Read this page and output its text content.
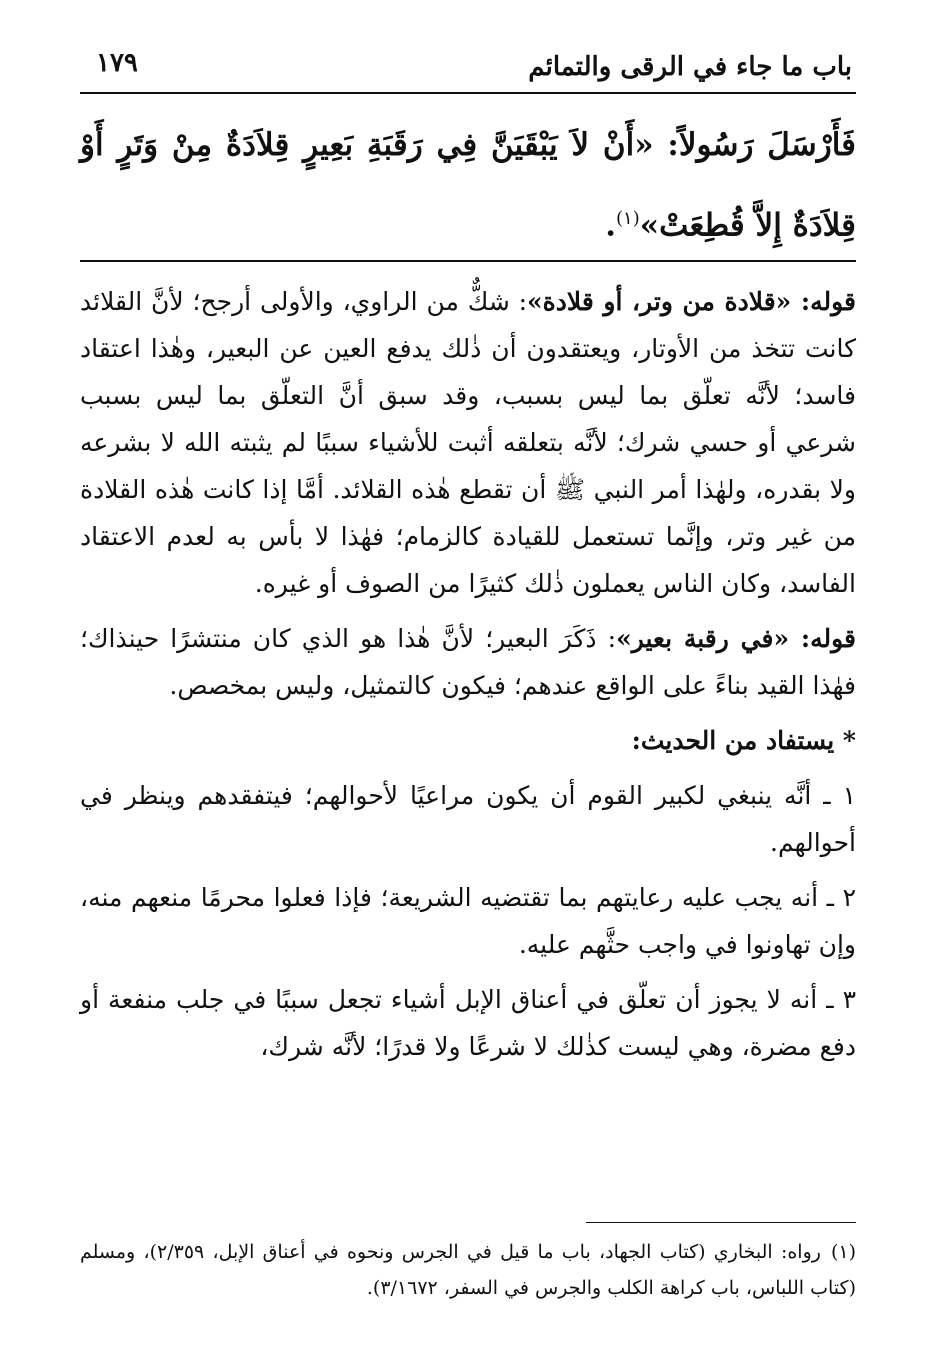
باب ما جاء في الرقى والتمائم
١٧٩
فَأَرْسَلَ رَسُولاً: «أَنْ لاَ يَبْقَيَنَّ فِي رَقَبَةِ بَعِيرٍ قِلاَدَةٌ مِنْ وَتَرٍ أَوْ قِلاَدَةٌ إِلاَّ قُطِعَتْ»$^{(١)}$.

قوله: «قلادة من وتر، أو قلادة»: شكٌّ من الراوي، والأولى أرجح؛ لأنَّ القلائد كانت تتخذ من الأوتار، ويعتقدون أن ذٰلك يدفع العين عن البعير، وهٰذا اعتقاد فاسد؛ لأنَّه تعلّق بما ليس بسبب، وقد سبق أنَّ التعلّق بما ليس بسبب شرعي أو حسي شرك؛ لأنَّه بتعلقه أثبت للأشياء سببًا لم يثبته الله لا بشرعه ولا بقدره، ولهٰذا أمر النبي ﷺ أن تقطع هٰذه القلائد. أمَّا إذا كانت هٰذه القلادة من غير وتر، وإنَّما تستعمل للقيادة كالزمام؛ فهٰذا لا بأس به لعدم الاعتقاد الفاسد، وكان الناس يعملون ذٰلك كثيرًا من الصوف أو غيره.

قوله: «في رقبة بعير»: ذَكَرَ البعير؛ لأنَّ هٰذا هو الذي كان منتشرًا حينذاك؛ فهٰذا القيد بناءً على الواقع عندهم؛ فيكون كالتمثيل، وليس بمخصص.

* يستفاد من الحديث:

١ ـ أنَّه ينبغي لكبير القوم أن يكون مراعيًا لأحوالهم؛ فيتفقدهم وينظر في أحوالهم.

٢ ـ أنه يجب عليه رعايتهم بما تقتضيه الشريعة؛ فإذا فعلوا محرمًا منعهم منه، وإن تهاونوا في واجب حثَّهم عليه.

٣ ـ أنه لا يجوز أن تعلّق في أعناق الإبل أشياء تجعل سببًا في جلب منفعة أو دفع مضرة، وهي ليست كذٰلك لا شرعًا ولا قدرًا؛ لأنَّه شرك،

(١)رواه: البخاري (كتاب الجهاد، باب ما قيل في الجرس ونحوه في أعناق الإبل، ٢/٣٥٩)، ومسلم (كتاب اللباس، باب كراهة الكلب والجرس في السفر، ٣/١٦٧٢).
